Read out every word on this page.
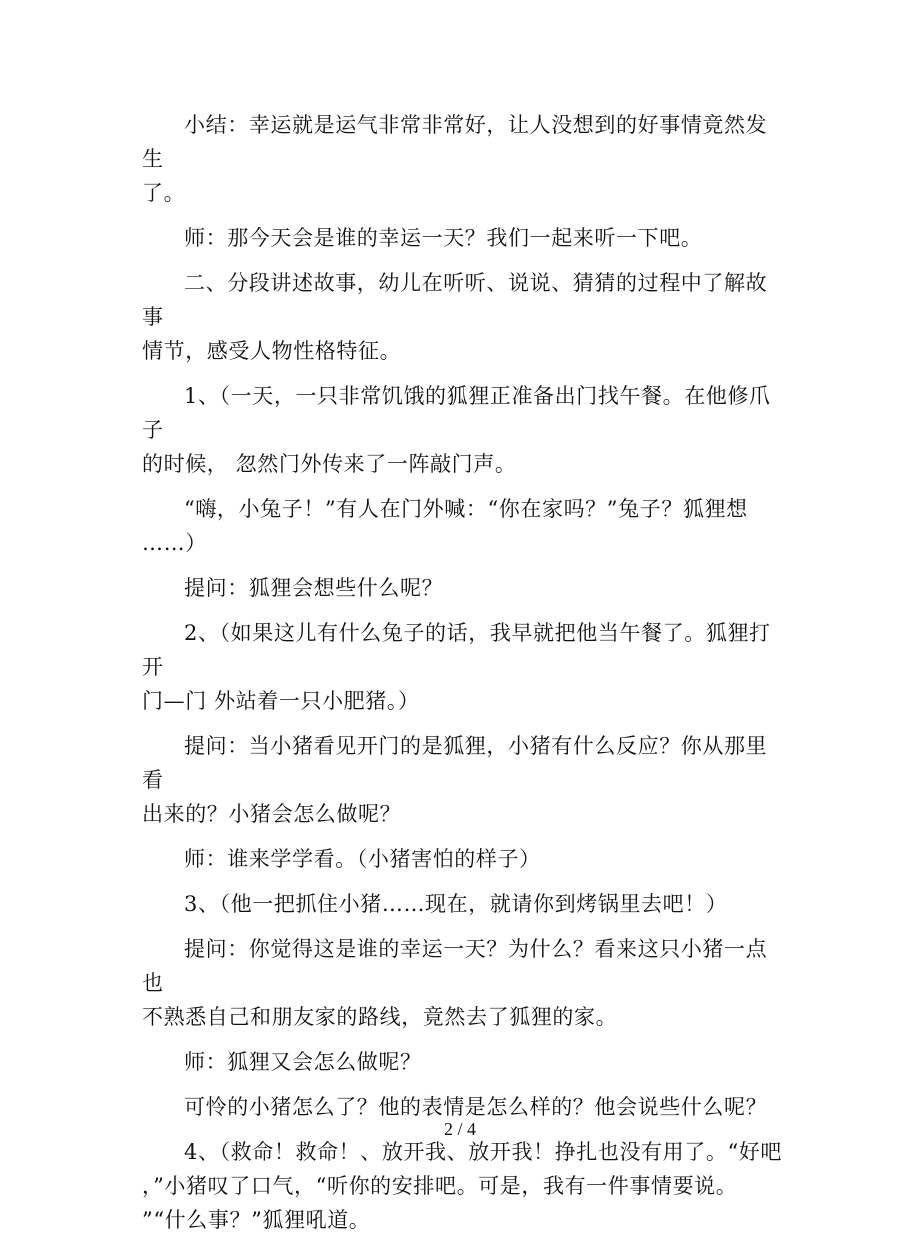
小结：幸运就是运气非常非常好，让人没想到的好事情竟然发生
了。

师：那今天会是谁的幸运一天？我们一起来听一下吧。

二、分段讲述故事，幼儿在听听、说说、猜猜的过程中了解故事
情节，感受人物性格特征。

1、（一天，一只非常饥饿的狐狸正准备出门找午餐。在他修爪子
的时候， 忽然门外传来了一阵敲门声。

“嗨，小兔子！”有人在门外喊：“你在家吗？”兔子？狐狸想
……）

提问：狐狸会想些什么呢？

2、（如果这儿有什么兔子的话，我早就把他当午餐了。狐狸打开
门—门 外站着一只小肥猪。）

提问：当小猪看见开门的是狐狸，小猪有什么反应？你从那里看
出来的？小猪会怎么做呢？

师：谁来学学看。（小猪害怕的样子）

3、（他一把抓住小猪……现在，就请你到烤锅里去吧！）

提问：你觉得这是谁的幸运一天？为什么？看来这只小猪一点也
不熟悉自己和朋友家的路线，竟然去了狐狸的家。

师：狐狸又会怎么做呢？

可怜的小猪怎么了？他的表情是怎么样的？他会说些什么呢？

4、（救命！救命！、放开我、放开我！挣扎也没有用了。“好吧
，”小猪叹了口气，“听你的安排吧。可是，我有一件事情要说。
”“什么事？”狐狸吼道。

2 / 4
